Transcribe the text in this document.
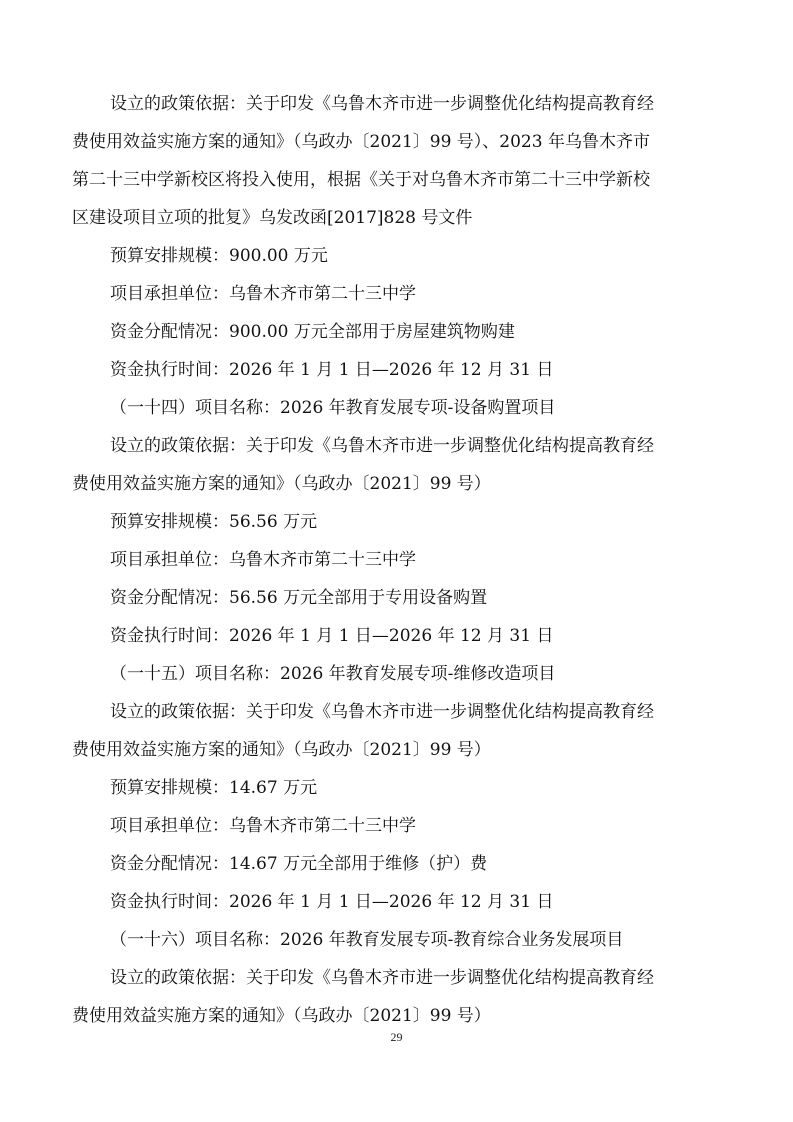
设立的政策依据：关于印发《乌鲁木齐市进一步调整优化结构提高教育经

费使用效益实施方案的通知》（乌政办〔2021〕99 号）、2023 年乌鲁木齐市

第二十三中学新校区将投入使用，根据《关于对乌鲁木齐市第二十三中学新校

区建设项目立项的批复》乌发改函[2017]828 号文件

预算安排规模：900.00 万元

项目承担单位：乌鲁木齐市第二十三中学

资金分配情况：900.00 万元全部用于房屋建筑物购建

资金执行时间：2026 年 1 月 1 日—2026 年 12 月 31 日

（一十四）项目名称：2026 年教育发展专项-设备购置项目

设立的政策依据：关于印发《乌鲁木齐市进一步调整优化结构提高教育经

费使用效益实施方案的通知》（乌政办〔2021〕99 号）

预算安排规模：56.56 万元

项目承担单位：乌鲁木齐市第二十三中学

资金分配情况：56.56 万元全部用于专用设备购置

资金执行时间：2026 年 1 月 1 日—2026 年 12 月 31 日

（一十五）项目名称：2026 年教育发展专项-维修改造项目

设立的政策依据：关于印发《乌鲁木齐市进一步调整优化结构提高教育经

费使用效益实施方案的通知》（乌政办〔2021〕99 号）

预算安排规模：14.67 万元

项目承担单位：乌鲁木齐市第二十三中学

资金分配情况：14.67 万元全部用于维修（护）费

资金执行时间：2026 年 1 月 1 日—2026 年 12 月 31 日

（一十六）项目名称：2026 年教育发展专项-教育综合业务发展项目

设立的政策依据：关于印发《乌鲁木齐市进一步调整优化结构提高教育经

费使用效益实施方案的通知》（乌政办〔2021〕99 号）

29
